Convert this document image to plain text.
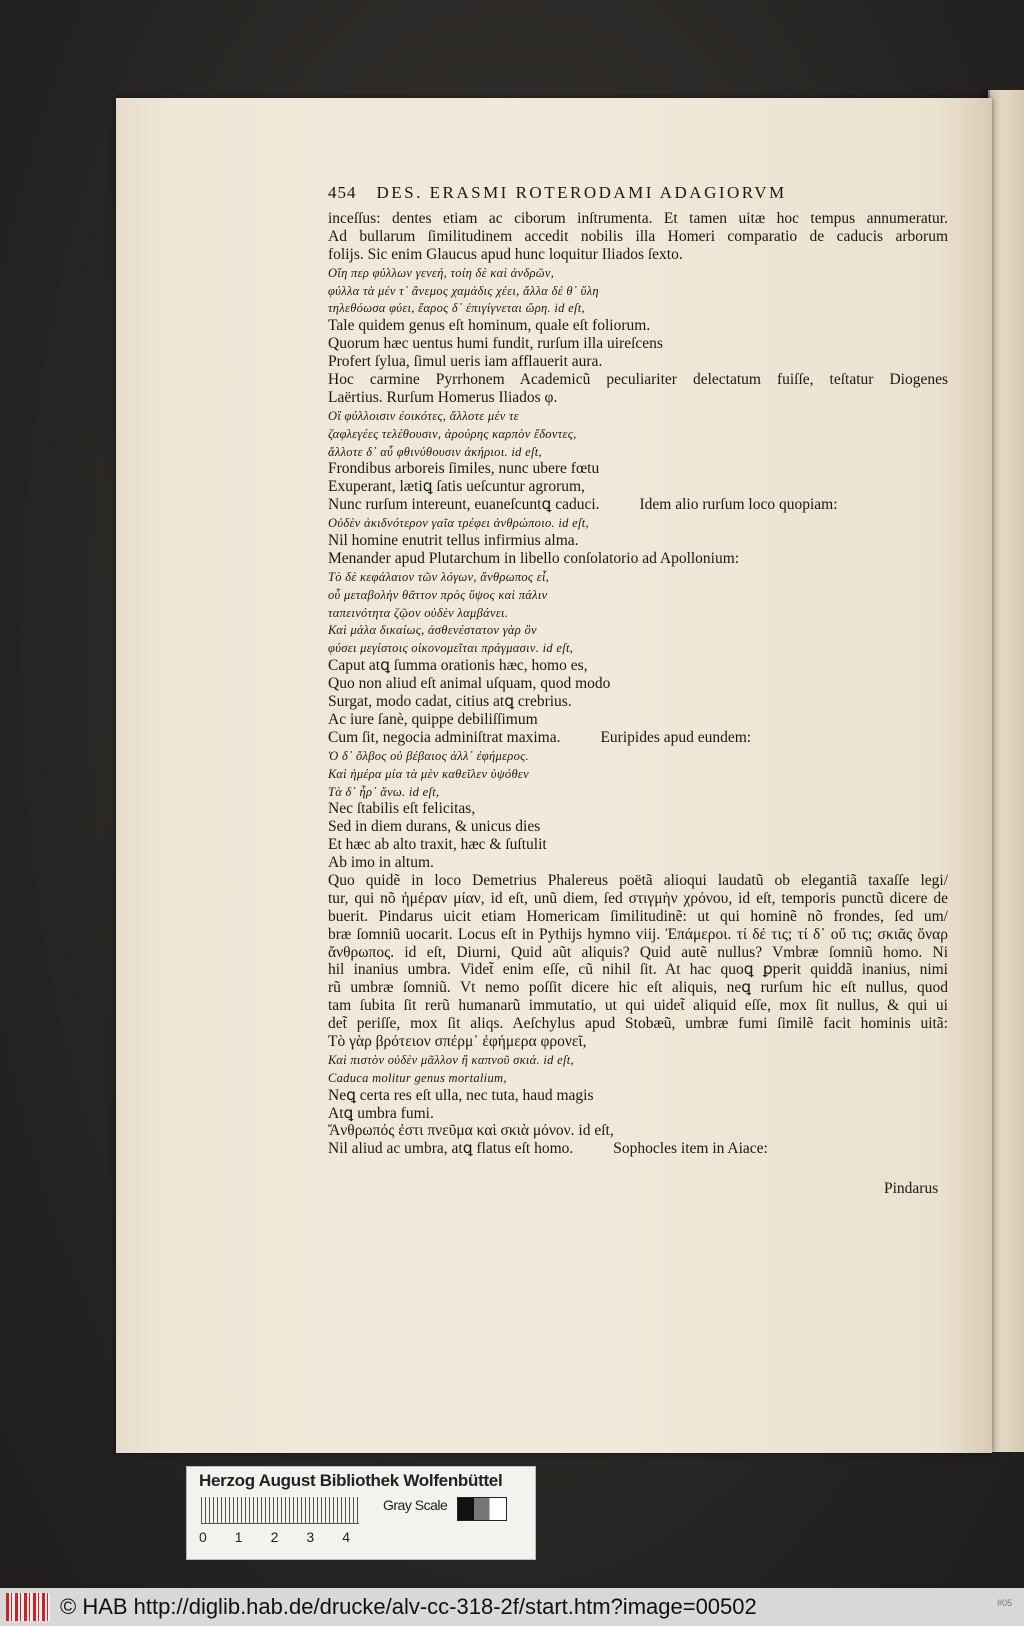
454 DES. ERASMI ROTERODAMI ADAGIORVM
inceſſus: dentes etiam ac ciborum inſtrumenta. Et tamen uitæ hoc tempus annumeratur.
Ad bullarum ſimilitudinem accedit nobilis illa Homeri comparatio de caducis arborum
folijs. Sic enim Glaucus apud hunc loquitur Iliados ſexto.
Οἵη περ φύλλων γενεή, τοίη δὲ καὶ ἀνδρῶν,
φύλλα τὰ μέν τ᾽ ἄνεμος χαμάδις χέει, ἄλλα δέ θ᾽ ὕλη
τηλεθόωσα φύει, ἔαρος δ᾽ ἐπιγίγνεται ὥρη. id eſt,
Tale quidem genus eſt hominum, quale eſt foliorum.
Quorum hæc uentus humi fundit, rurſum illa uireſcens
Profert ſylua, ſimul ueris iam afflauerit aura.
Hoc carmine Pyrrhonem Academicũ peculiariter delectatum fuiſſe, teſtatur Diogenes
Laërtius. Rurſum Homerus Iliados φ.
Οἳ φύλλοισιν ἐοικότες, ἄλλοτε μέν τε
ζαφλεγέες τελέθουσιν, ἀρούρης καρπὸν ἔδοντες,
ἄλλοτε δ᾽ αὖ φθινύθουσιν ἀκήριοι. id eſt,
Frondibus arboreis ſimiles, nunc ubere fœtu
Exuperant, lætiꝗ ſatis ueſcuntur agrorum,
Nunc rurſum intereunt, euaneſcuntꝗ caduci.	Idem alio rurſum loco quopiam:
Οὐδὲν ἀκιδνότερον γαῖα τρέφει ἀνθρώποιο. id eſt,
Nil homine enutrit tellus infirmius alma.
Menander apud Plutarchum in libello conſolatorio ad Apollonium:
Τὸ δὲ κεφάλαιον τῶν λόγων, ἄνθρωπος εἶ,
οὗ μεταβολὴν θᾶττον πρὸς ὕψος καὶ πάλιν
ταπεινότητα ζῷον οὐδὲν λαμβάνει.
Καὶ μάλα δικαίως, ἀσθενέστατον γὰρ ὂν
φύσει μεγίστοις οἰκονομεῖται πράγμασιν. id eſt,
Caput atꝗ ſumma orationis hæc, homo es,
Quo non aliud eſt animal uſquam, quod modo
Surgat, modo cadat, citius atꝗ crebrius.
Ac iure ſanè, quippe debiliſſimum
Cum ſit, negocia adminiſtrat maxima.	Euripides apud eundem:
Ὁ δ᾽ ὄλβος οὐ βέβαιος ἀλλ᾽ ἐφήμερος.
Καὶ ἡμέρα μία τὰ μὲν καθεῖλεν ὑψόθεν
Τὰ δ᾽ ἦρ᾽ ἄνω. id eſt,
Nec ſtabilis eſt felicitas,
Sed in diem durans, & unicus dies
Et hæc ab alto traxit, hæc & ſuſtulit
Ab imo in altum.
Quo quidẽ in loco Demetrius Phalereus poëtã alioqui laudatũ ob elegantiã taxaſſe legi/
tur, qui nõ ἡμέραν μίαν, id eſt, unũ diem, ſed στιγμὴν χρόνου, id eſt, temporis punctũ dicere de
buerit. Pindarus uicit etiam Homericam ſimilitudinẽ: ut qui hominẽ nõ frondes, ſed um/
bræ ſomniũ uocarit. Locus eſt in Pythijs hymno viij. Ἐπάμεροι. τί δέ τις; τί δ᾽ οὔ τις; σκιᾶς ὄναρ
ἄνθρωπος. id eſt, Diurni, Quid aũt aliquis? Quid autẽ nullus? Vmbræ ſomniũ homo. Ni
hil inanius umbra. Videt̃ enim eſſe, cũ nihil ſit. At hac quoꝗ ꝑperit quiddã inanius, nimi
rũ umbræ ſomniũ. Vt nemo poſſit dicere hic eſt aliquis, neꝗ rurſum hic eſt nullus, quod
tam ſubita ſit rerũ humanarũ immutatio, ut qui uidet̃ aliquid eſſe, mox ſit nullus, & qui ui
det̃ periſſe, mox ſit aliqs. Aeſchylus apud Stobæũ, umbræ fumi ſimilẽ facit hominis uitã:
Τὸ γὰρ βρότειον σπέρμ᾽ ἐφήμερα φρονεῖ,
Καὶ πιστὸν οὐδὲν μᾶλλον ἢ καπνοῦ σκιά. id eſt,
Caduca molitur genus mortalium,
Neꝗ certa res eſt ulla, nec tuta, haud magis
Atꝗ umbra fumi.
Ἄνθρωπός ἐστι πνεῦμα καὶ σκιὰ μόνον. id eſt,
Nil aliud ac umbra, atꝗ flatus eſt homo.	Sophocles item in Aiace:
Pindarus
Herzog August Bibliothek Wolfenbüttel
0 1 2 3 4
Gray Scale
© HAB http://diglib.hab.de/drucke/alv-cc-318-2f/start.htm?image=00502	#05
